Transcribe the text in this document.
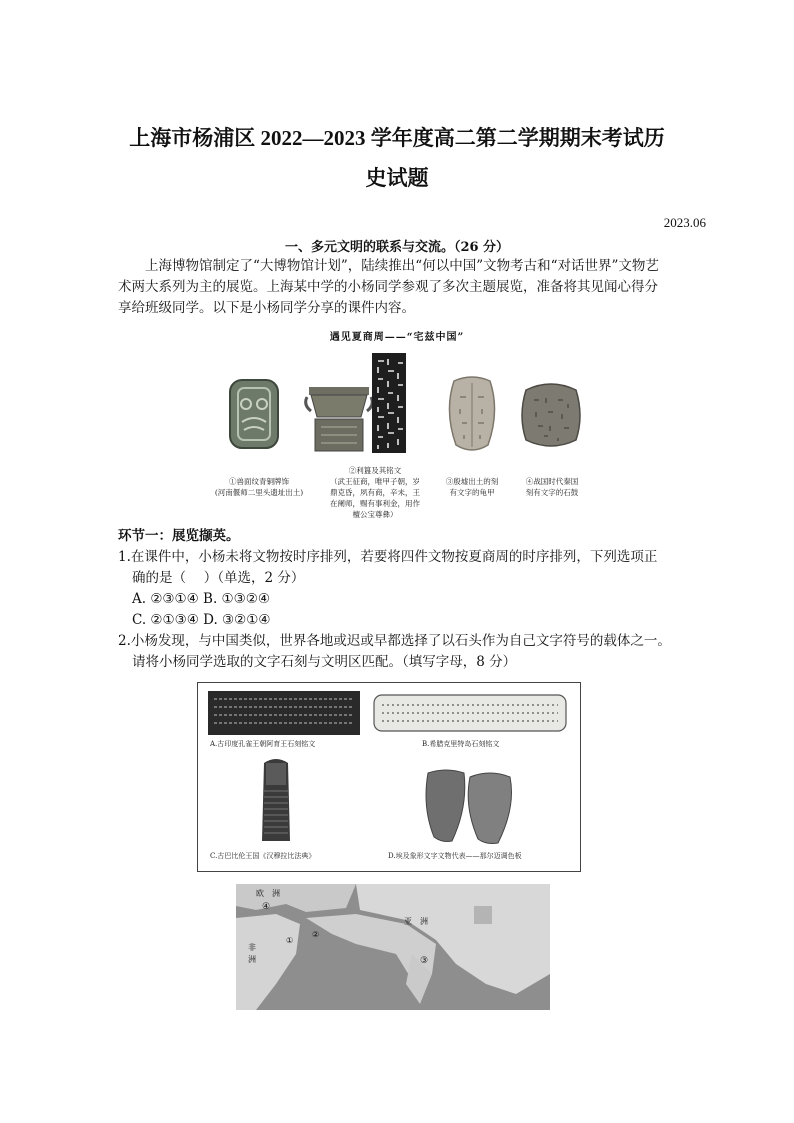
上海市杨浦区 2022—2023 学年度高二第二学期期末考试历
史试题
2023.06
一、多元文明的联系与交流。（26 分）
上海博物馆制定了“大博物馆计划”，陆续推出“何以中国”文物考古和“对话世界”文物艺
术两大系列为主的展览。上海某中学的小杨同学参观了多次主题展览，准备将其见闻心得分
享给班级同学。以下是小杨同学分享的课件内容。
遇见夏商周——“宅兹中国”
①兽面纹青铜牌饰
(河南偃师二里头遗址出土)
②利簋及其铭文
（武王征商，唯甲子朝，岁
鼎克昏，夙有商，辛未，王
在阑师，赐有事利金，用作
檀公宝尊彝）
③殷墟出土的刻
有文字的龟甲
④战国时代秦国
刻有文字的石鼓
环节一：展览撷英。
1.在课件中，小杨未将文物按时序排列，若要将四件文物按夏商周的时序排列，下列选项正
确的是（　 ）（单选，2 分）
A. ②③①④ B. ①③②④
C. ②①③④ D. ③②①④
2.小杨发现，与中国类似，世界各地或迟或早都选择了以石头作为自己文字符号的载体之一。
请将小杨同学选取的文字石刻与文明区匹配。（填写字母，8 分）
A.古印度孔雀王朝阿育王石刻铭文	B.希腊克里特岛石刻铭文
C.古巴比伦王国《汉穆拉比法典》	D.埃及象形文字文物代表——那尔迈调色板
欧　洲
亚　洲
非
洲
④
①
②
③
